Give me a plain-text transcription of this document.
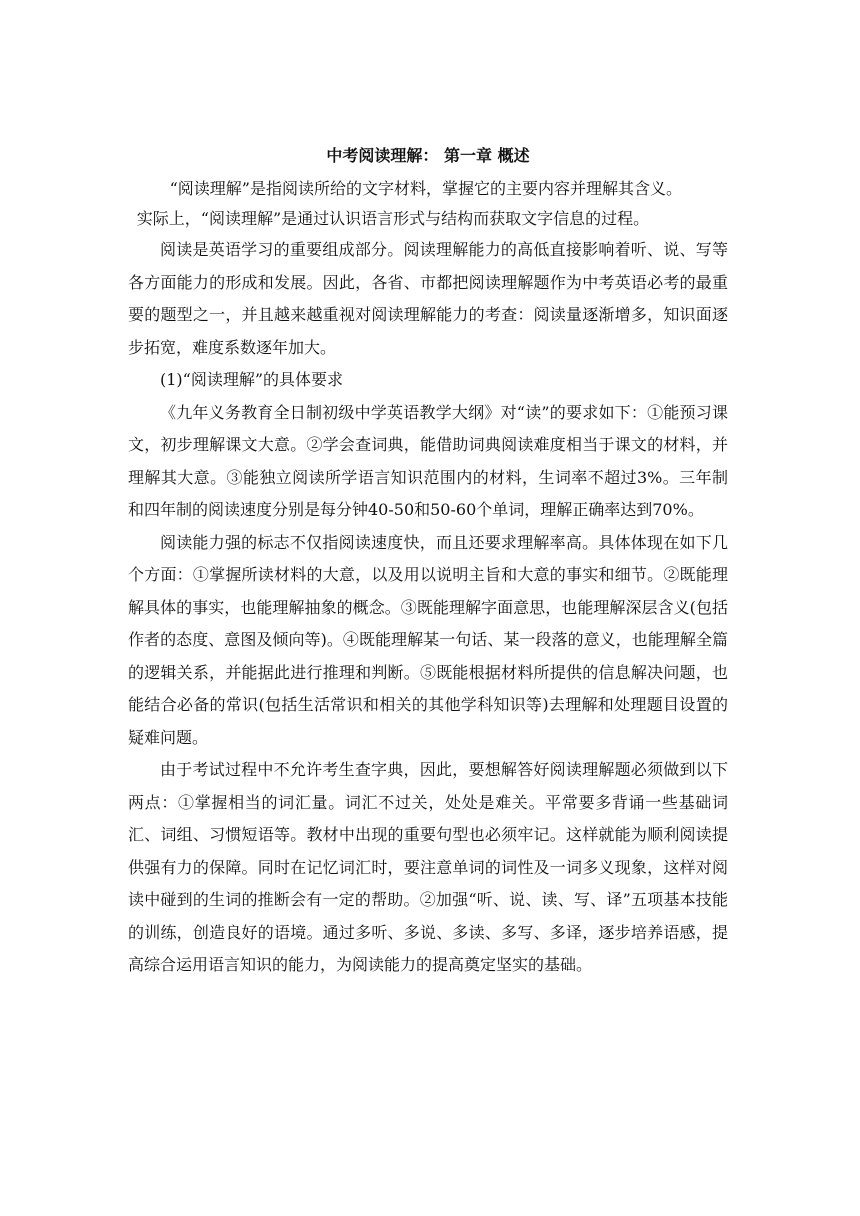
中考阅读理解： 第一章 概述

“阅读理解”是指阅读所给的文字材料，掌握它的主要内容并理解其含义。

实际上，“阅读理解”是通过认识语言形式与结构而获取文字信息的过程。

阅读是英语学习的重要组成部分。阅读理解能力的高低直接影响着听、说、写等各方面能力的形成和发展。因此，各省、市都把阅读理解题作为中考英语必考的最重要的题型之一，并且越来越重视对阅读理解能力的考查：阅读量逐渐增多，知识面逐步拓宽，难度系数逐年加大。

(1)“阅读理解”的具体要求

《九年义务教育全日制初级中学英语教学大纲》对“读”的要求如下：①能预习课文，初步理解课文大意。②学会查词典，能借助词典阅读难度相当于课文的材料，并理解其大意。③能独立阅读所学语言知识范围内的材料，生词率不超过3%。三年制和四年制的阅读速度分别是每分钟40-50和50-60个单词，理解正确率达到70%。

阅读能力强的标志不仅指阅读速度快，而且还要求理解率高。具体体现在如下几个方面：①掌握所读材料的大意，以及用以说明主旨和大意的事实和细节。②既能理解具体的事实，也能理解抽象的概念。③既能理解字面意思，也能理解深层含义(包括作者的态度、意图及倾向等)。④既能理解某一句话、某一段落的意义，也能理解全篇的逻辑关系，并能据此进行推理和判断。⑤既能根据材料所提供的信息解决问题，也能结合必备的常识(包括生活常识和相关的其他学科知识等)去理解和处理题目设置的疑难问题。

由于考试过程中不允许考生查字典，因此，要想解答好阅读理解题必须做到以下两点：①掌握相当的词汇量。词汇不过关，处处是难关。平常要多背诵一些基础词汇、词组、习惯短语等。教材中出现的重要句型也必须牢记。这样就能为顺利阅读提供强有力的保障。同时在记忆词汇时，要注意单词的词性及一词多义现象，这样对阅读中碰到的生词的推断会有一定的帮助。②加强“听、说、读、写、译”五项基本技能的训练，创造良好的语境。通过多听、多说、多读、多写、多译，逐步培养语感，提高综合运用语言知识的能力，为阅读能力的提高奠定坚实的基础。
